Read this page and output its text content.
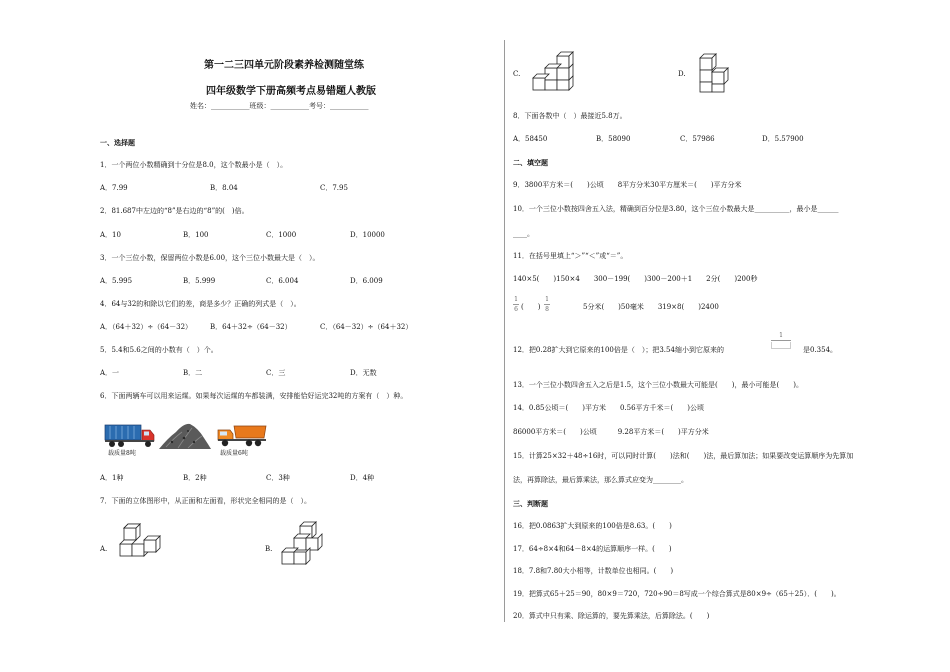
第一二三四单元阶段素养检测随堂练
四年级数学下册高频考点易错题人教版
姓名：___________班级：___________考号：___________
一、选择题
1．一个两位小数精确到十分位是8.0，这个数最小是（　）。
A．7.99	B．8.04	C．7.95
2．81.687中左边的“8”是右边的“8”的(　)倍。
A．10	B．100	C．1000	D．10000
3．一个三位小数，保留两位小数是6.00，这个三位小数最大是（　）。
A．5.995	B．5.999	C．6.004	D．6.009
4．64与32的和除以它们的差，商是多少？正确的列式是（　）。
A．（64＋32）÷（64－32）	B．64＋32÷（64－32）	C．（64－32）÷（64＋32）
5．5.4和5.6之间的小数有（　）个。
A．一	B．二	C．三	D．无数
6．下面两辆车可以用来运煤。如果每次运煤的车都装满，安排能恰好运完32吨的方案有（　）种。
载质量8吨	载质量6吨
A．1种	B．2种	C．3种	D．4种
7．下面的立体图形中，从正面和左面看，形状完全相同的是（　）。
A.	B.
C.	D.
8．下面各数中（　）最接近5.8万。
A．58450	B．58090	C．57986	D．5.57900
二、填空题
9．3800平方米＝(　　)公顷　　8平方分米30平方厘米＝(　　)平方分米
10．一个三位小数按四舍五入法，精确到百分位是3.80，这个三位小数最大是__________，最小是______
____。
11．在括号里填上“＞”“＜”或“＝”。
140×5(　　)150×4　　300－199(　　)300－200＋1　　2分(　　)200秒
1
6 (　　)
1
8	5分米(　　)50毫米　　319×8(　　)2400
12．把0.28扩大到它原来的100倍是（　）；把3.54缩小到它原来的
1
是0.354。
13．一个三位小数四舍五入之后是1.5，这个三位小数最大可能是(　　)，最小可能是(　　)。
14．0.85公顷＝(　　)平方米　　0.56平方千米＝(　　)公顷
86000平方米＝(　　)公顷　　　9.28平方米＝(　　)平方分米
15．计算25×32＋48÷16时，可以同时计算(　　)法和(　　)法，最后算加法；如果要改变运算顺序为先算加
法，再算除法，最后算乘法，那么算式应变为________。
三、判断题
16．把0.0863扩大到原来的100倍是8.63。(　　)
17．64÷8×4和64－8×4的运算顺序一样。(　　)
18．7.8和7.80大小相等，计数单位也相同。(　　)
19．把算式65＋25＝90，80×9＝720，720÷90＝8写成一个综合算式是80×9÷（65＋25）．(　　)。
20．算式中只有乘、除运算的，要先算乘法，后算除法。(　　)
